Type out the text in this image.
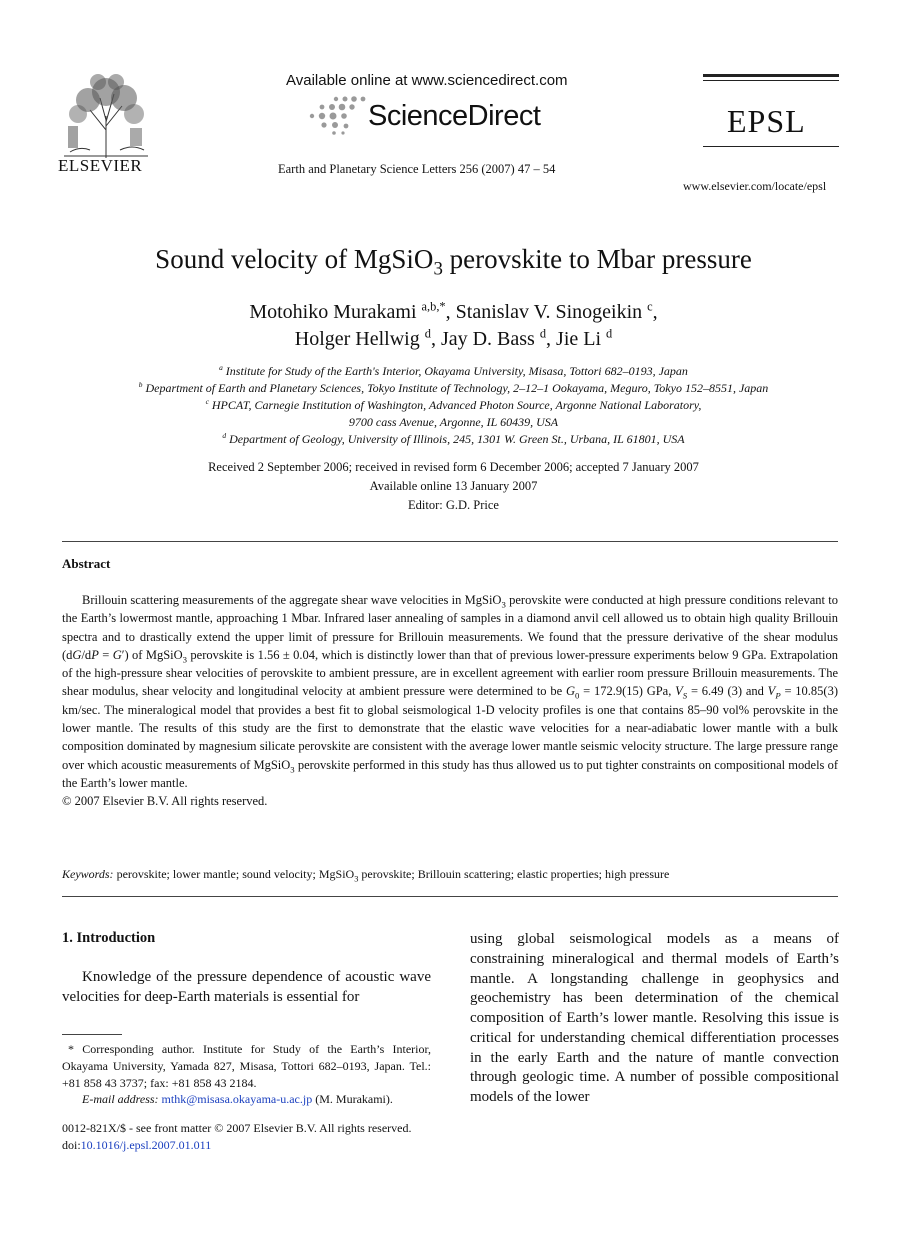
ELSEVIER
Available online at www.sciencedirect.com
ScienceDirect
Earth and Planetary Science Letters 256 (2007) 47 – 54
EPSL
www.elsevier.com/locate/epsl
Sound velocity of MgSiO$_3$ perovskite to Mbar pressure
Motohiko Murakami $^{a,b,*}$, Stanislav V. Sinogeikin $^c$,
Holger Hellwig $^d$, Jay D. Bass $^d$, Jie Li $^d$
$^a$ Institute for Study of the Earth's Interior, Okayama University, Misasa, Tottori 682–0193, Japan
$^b$ Department of Earth and Planetary Sciences, Tokyo Institute of Technology, 2–12–1 Ookayama, Meguro, Tokyo 152–8551, Japan
$^c$ HPCAT, Carnegie Institution of Washington, Advanced Photon Source, Argonne National Laboratory,
9700 cass Avenue, Argonne, IL 60439, USA
$^d$ Department of Geology, University of Illinois, 245, 1301 W. Green St., Urbana, IL 61801, USA
Received 2 September 2006; received in revised form 6 December 2006; accepted 7 January 2007
Available online 13 January 2007
Editor: G.D. Price
Abstract

Brillouin scattering measurements of the aggregate shear wave velocities in MgSiO$_3$ perovskite were conducted at high pressure conditions relevant to the Earth’s lowermost mantle, approaching 1 Mbar. Infrared laser annealing of samples in a diamond anvil cell allowed us to obtain high quality Brillouin spectra and to drastically extend the upper limit of pressure for Brillouin measurements. We found that the pressure derivative of the shear modulus (dG/dP = G′) of MgSiO$_3$ perovskite is 1.56 ± 0.04, which is distinctly lower than that of previous lower-pressure experiments below 9 GPa. Extrapolation of the high-pressure shear velocities of perovskite to ambient pressure, are in excellent agreement with earlier room pressure Brillouin measurements. The shear modulus, shear velocity and longitudinal velocity at ambient pressure were determined to be $G_0 = 172.9(15)$ GPa, $V_S = 6.49$ (3) and $V_P = 10.85(3)$ km/sec. The mineralogical model that provides a best fit to global seismological 1-D velocity profiles is one that contains 85–90 vol% perovskite in the lower mantle. The results of this study are the first to demonstrate that the elastic wave velocities for a near-adiabatic lower mantle with a bulk composition dominated by magnesium silicate perovskite are consistent with the average lower mantle seismic velocity structure. The large pressure range over which acoustic measurements of MgSiO$_3$ perovskite performed in this study has thus allowed us to put tighter constraints on compositional models of the Earth’s lower mantle.

© 2007 Elsevier B.V. All rights reserved.

Keywords: perovskite; lower mantle; sound velocity; MgSiO$_3$ perovskite; Brillouin scattering; elastic properties; high pressure
1. Introduction

Knowledge of the pressure dependence of acoustic wave velocities for deep-Earth materials is essential for

* Corresponding author. Institute for Study of the Earth’s Interior, Okayama University, Yamada 827, Misasa, Tottori 682–0193, Japan. Tel.: +81 858 43 3737; fax: +81 858 43 2184.

E-mail address: mthk@misasa.okayama-u.ac.jp (M. Murakami).

0012-821X/$ - see front matter © 2007 Elsevier B.V. All rights reserved.
doi:10.1016/j.epsl.2007.01.011

using global seismological models as a means of constraining mineralogical and thermal models of Earth’s mantle. A longstanding challenge in geophysics and geochemistry has been determination of the chemical composition of Earth’s lower mantle. Resolving this issue is critical for understanding chemical differentiation processes in the early Earth and the nature of mantle convection through geologic time. A number of possible compositional models of the lower
